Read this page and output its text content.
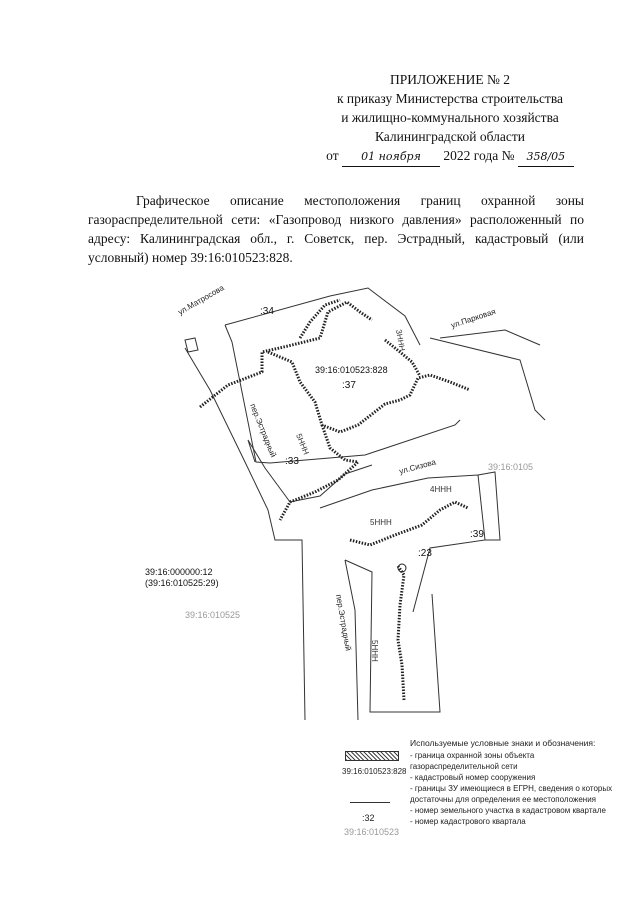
ПРИЛОЖЕНИЕ № 2
к приказу Министерства строительства
и жилищно-коммунального хозяйства
Калининградской области
от 01 ноября 2022 года № 358/05
Графическое описание местоположения границ охранной зоны газораспределительной сети: «Газопровод низкого давления» расположенный по адресу: Калининградская обл., г. Советск, пер. Эстрадный, кадастровый (или условный) номер 39:16:010523:828.
ул.Матросова
ул.Парковая
ул.Сизова
пер.Эстрадный
пер.Эстрадный
:34
:37
:33
:23
:39
39:16:010523:828
39:16:000000:12
(39:16:010525:29)
39:16:0105
39:16:010525
5ННН
4ННН
5ННН
3ННН
5ННН
39:16:010523:828
:32
39:16:010523
Используемые условные знаки и обозначения:
- граница охранной зоны объекта
газораспределительной сети
- кадастровый номер сооружения
- границы ЗУ имеющиеся в ЕГРН, сведения о которых
достаточны для определения ее местоположения
- номер земельного участка в кадастровом квартале
- номер кадастрового квартала
